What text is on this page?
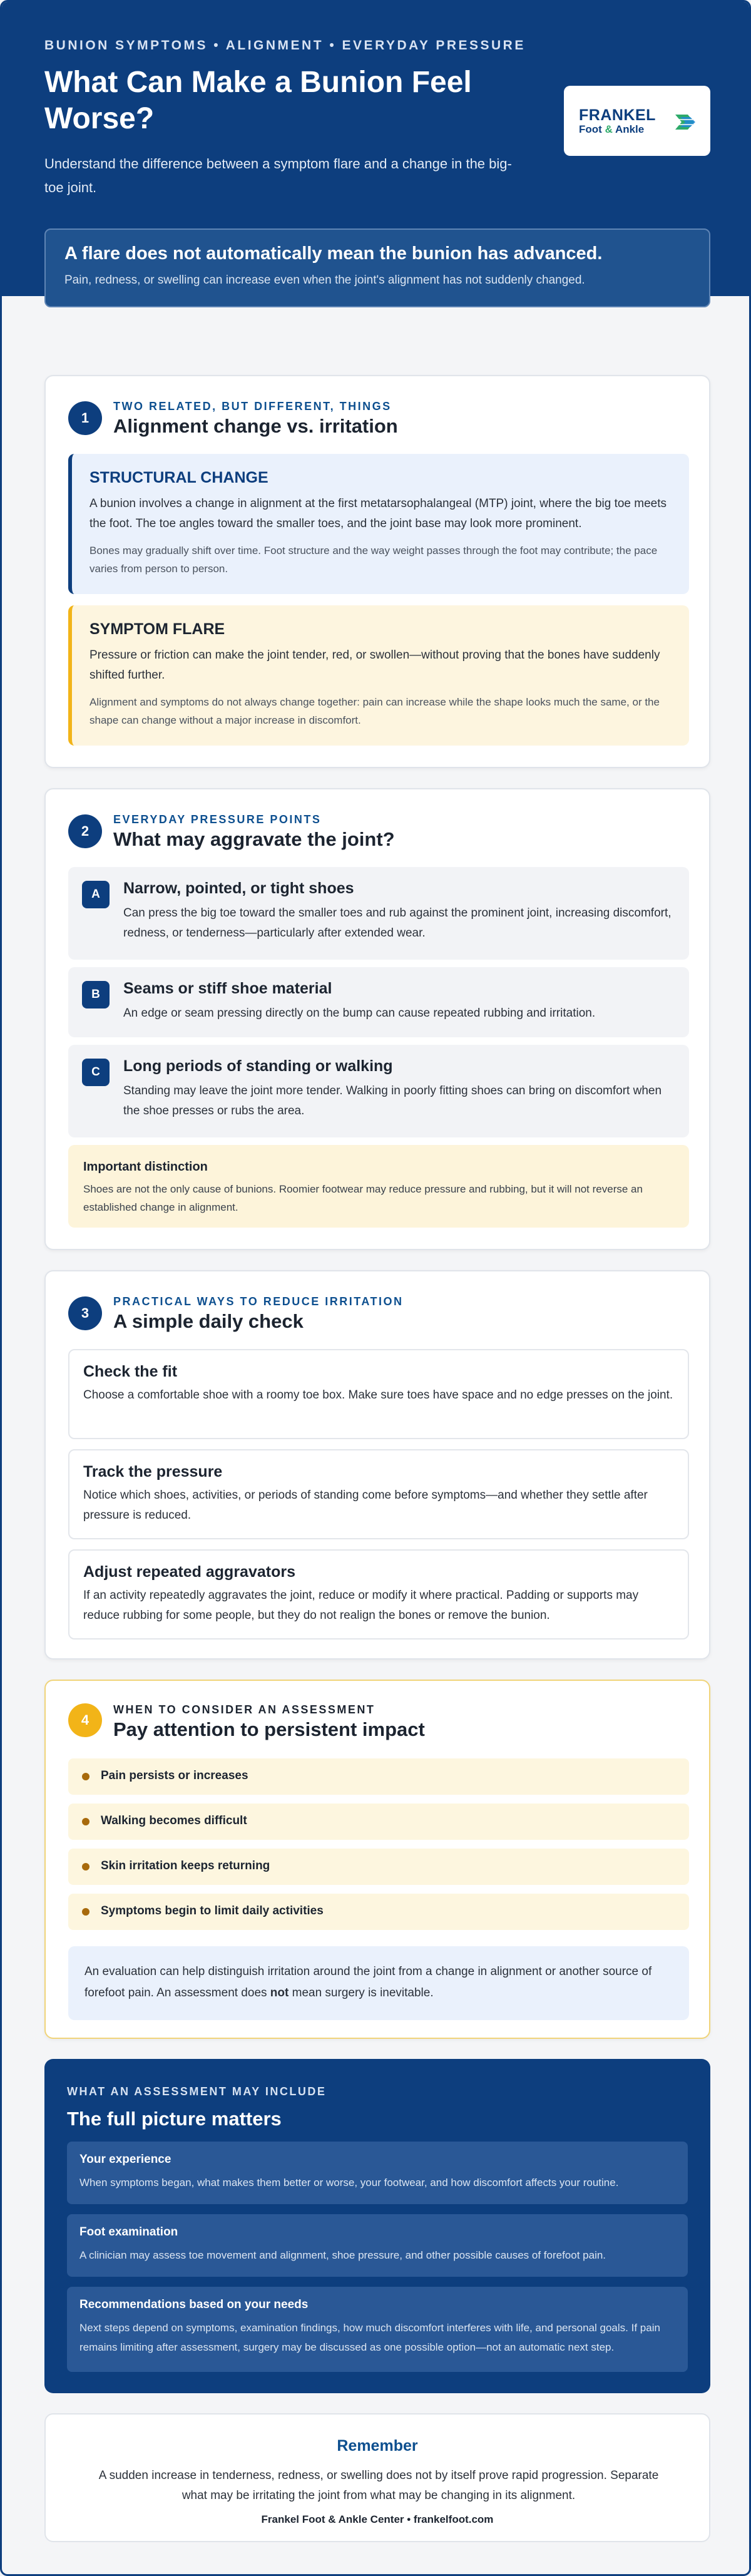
BUNION SYMPTOMS • ALIGNMENT • EVERYDAY PRESSURE
What Can Make a Bunion Feel Worse?
Understand the difference between a symptom flare and a change in the big-toe joint.
FRANKEL
Foot & Ankle
A flare does not automatically mean the bunion has advanced.
Pain, redness, or swelling can increase even when the joint's alignment has not suddenly changed.
1
TWO RELATED, BUT DIFFERENT, THINGS
Alignment change vs. irritation
STRUCTURAL CHANGE
A bunion involves a change in alignment at the first metatarsophalangeal (MTP) joint, where the big toe meets the foot. The toe angles toward the smaller toes, and the joint base may look more prominent.
Bones may gradually shift over time. Foot structure and the way weight passes through the foot may contribute; the pace varies from person to person.
SYMPTOM FLARE
Pressure or friction can make the joint tender, red, or swollen—without proving that the bones have suddenly shifted further.
Alignment and symptoms do not always change together: pain can increase while the shape looks much the same, or the shape can change without a major increase in discomfort.
2
EVERYDAY PRESSURE POINTS
What may aggravate the joint?
A	Narrow, pointed, or tight shoes
Can press the big toe toward the smaller toes and rub against the prominent joint, increasing discomfort, redness, or tenderness—particularly after extended wear.
B	Seams or stiff shoe material
An edge or seam pressing directly on the bump can cause repeated rubbing and irritation.
C	Long periods of standing or walking
Standing may leave the joint more tender. Walking in poorly fitting shoes can bring on discomfort when the shoe presses or rubs the area.
Important distinction
Shoes are not the only cause of bunions. Roomier footwear may reduce pressure and rubbing, but it will not reverse an established change in alignment.
3
PRACTICAL WAYS TO REDUCE IRRITATION
A simple daily check
Check the fit
Choose a comfortable shoe with a roomy toe box. Make sure toes have space and no edge presses on the joint.
Track the pressure
Notice which shoes, activities, or periods of standing come before symptoms—and whether they settle after pressure is reduced.
Adjust repeated aggravators
If an activity repeatedly aggravates the joint, reduce or modify it where practical. Padding or supports may reduce rubbing for some people, but they do not realign the bones or remove the bunion.
4
WHEN TO CONSIDER AN ASSESSMENT
Pay attention to persistent impact
Pain persists or increases
Walking becomes difficult
Skin irritation keeps returning
Symptoms begin to limit daily activities
An evaluation can help distinguish irritation around the joint from a change in alignment or another source of forefoot pain. An assessment does not mean surgery is inevitable.
WHAT AN ASSESSMENT MAY INCLUDE
The full picture matters
Your experience
When symptoms began, what makes them better or worse, your footwear, and how discomfort affects your routine.
Foot examination
A clinician may assess toe movement and alignment, shoe pressure, and other possible causes of forefoot pain.
Recommendations based on your needs
Next steps depend on symptoms, examination findings, how much discomfort interferes with life, and personal goals. If pain remains limiting after assessment, surgery may be discussed as one possible option—not an automatic next step.
Remember
A sudden increase in tenderness, redness, or swelling does not by itself prove rapid progression. Separate what may be irritating the joint from what may be changing in its alignment.
Frankel Foot & Ankle Center • frankelfoot.com
